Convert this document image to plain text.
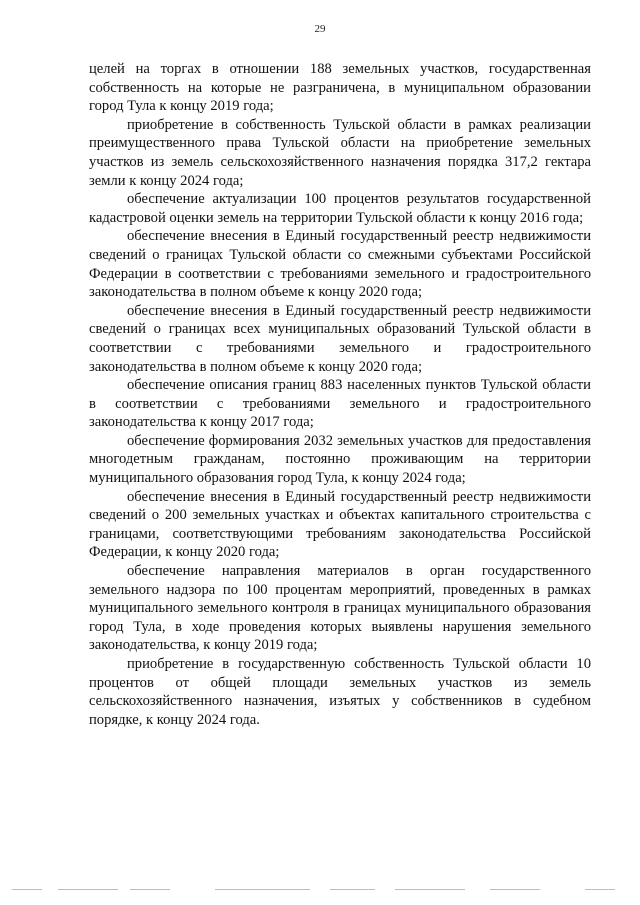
29

целей на торгах в отношении 188 земельных участков, государственная собственность на которые не разграничена, в муниципальном образовании город Тула к концу 2019 года;

приобретение в собственность Тульской области в рамках реализации преимущественного права Тульской области на приобретение земельных участков из земель сельскохозяйственного назначения порядка 317,2 гектара земли к концу 2024 года;

обеспечение актуализации 100 процентов результатов государственной кадастровой оценки земель на территории Тульской области к концу 2016 года;

обеспечение внесения в Единый государственный реестр недвижимости сведений о границах Тульской области со смежными субъектами Российской Федерации в соответствии с требованиями земельного и градостроительного законодательства в полном объеме к концу 2020 года;

обеспечение внесения в Единый государственный реестр недвижимости сведений о границах всех муниципальных образований Тульской области в соответствии с требованиями земельного и градостроительного законодательства в полном объеме к концу 2020 года;

обеспечение описания границ 883 населенных пунктов Тульской области в соответствии с требованиями земельного и градостроительного законодательства к концу 2017 года;

обеспечение формирования 2032 земельных участков для предоставления многодетным гражданам, постоянно проживающим на территории муниципального образования город Тула, к концу 2024 года;

обеспечение внесения в Единый государственный реестр недвижимости сведений о 200 земельных участках и объектах капитального строительства с границами, соответствующими требованиям законодательства Российской Федерации, к концу 2020 года;

обеспечение направления материалов в орган государственного земельного надзора по 100 процентам мероприятий, проведенных в рамках муниципального земельного контроля в границах муниципального образования город Тула, в ходе проведения которых выявлены нарушения земельного законодательства, к концу 2019 года;

приобретение в государственную собственность Тульской области 10 процентов от общей площади земельных участков из земель сельскохозяйственного назначения, изъятых у собственников в судебном порядке, к концу 2024 года.
